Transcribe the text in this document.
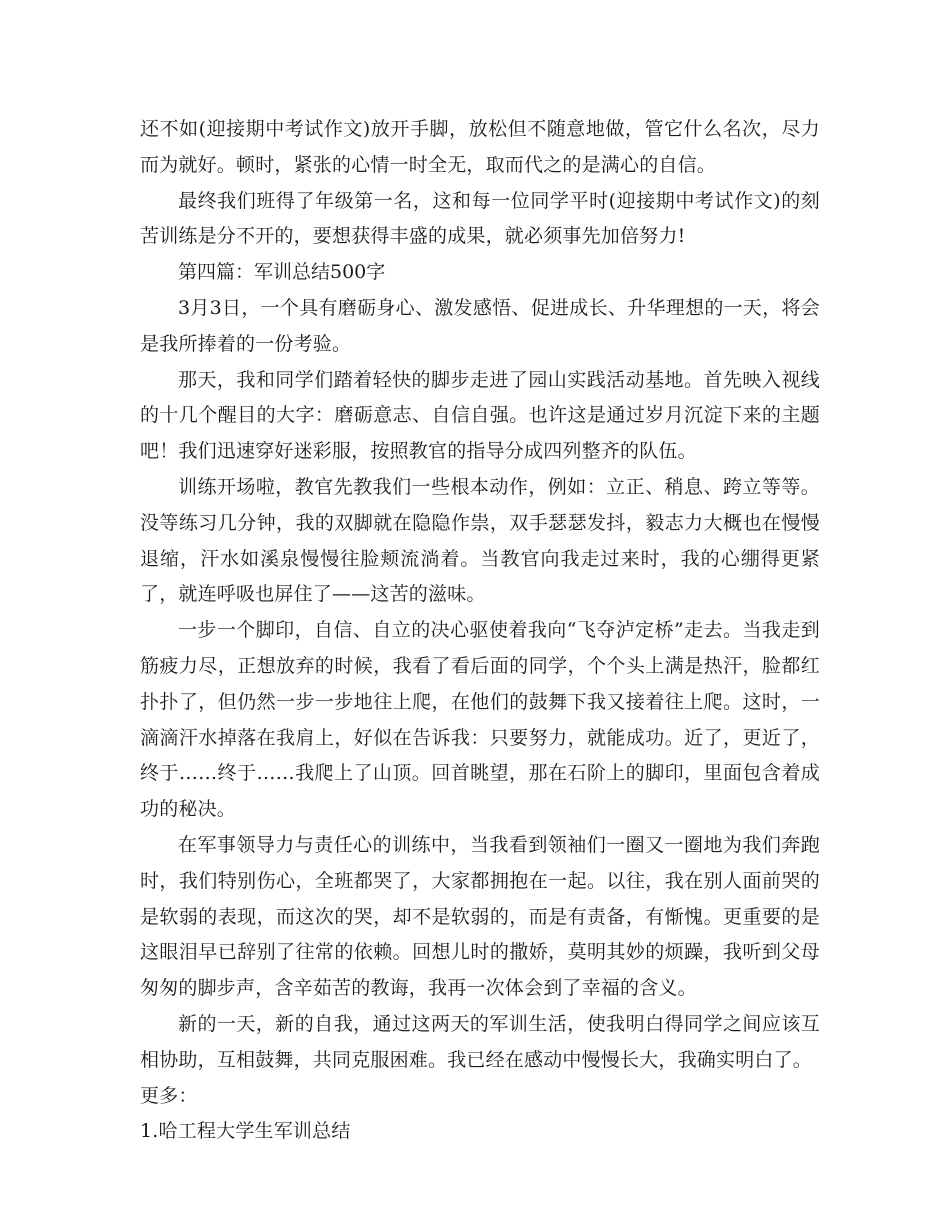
还不如(迎接期中考试作文)放开手脚，放松但不随意地做，管它什么名次，尽力而为就好。顿时，紧张的心情一时全无，取而代之的是满心的自信。

最终我们班得了年级第一名，这和每一位同学平时(迎接期中考试作文)的刻苦训练是分不开的，要想获得丰盛的成果，就必须事先加倍努力!

第四篇：军训总结500字

3月3日，一个具有磨砺身心、激发感悟、促进成长、升华理想的一天，将会是我所捧着的一份考验。

那天，我和同学们踏着轻快的脚步走进了园山实践活动基地。首先映入视线的十几个醒目的大字：磨砺意志、自信自强。也许这是通过岁月沉淀下来的主题吧！我们迅速穿好迷彩服，按照教官的指导分成四列整齐的队伍。

训练开场啦，教官先教我们一些根本动作，例如：立正、稍息、跨立等等。没等练习几分钟，我的双脚就在隐隐作祟，双手瑟瑟发抖，毅志力大概也在慢慢退缩，汗水如溪泉慢慢往脸颊流淌着。当教官向我走过来时，我的心绷得更紧了，就连呼吸也屏住了——这苦的滋味。

一步一个脚印，自信、自立的决心驱使着我向“飞夺泸定桥”走去。当我走到筋疲力尽，正想放弃的时候，我看了看后面的同学，个个头上满是热汗，脸都红扑扑了，但仍然一步一步地往上爬，在他们的鼓舞下我又接着往上爬。这时，一滴滴汗水掉落在我肩上，好似在告诉我：只要努力，就能成功。近了，更近了，终于……终于……我爬上了山顶。回首眺望，那在石阶上的脚印，里面包含着成功的秘决。

在军事领导力与责任心的训练中，当我看到领袖们一圈又一圈地为我们奔跑时，我们特别伤心，全班都哭了，大家都拥抱在一起。以往，我在别人面前哭的是软弱的表现，而这次的哭，却不是软弱的，而是有责备，有惭愧。更重要的是这眼泪早已辞别了往常的依赖。回想儿时的撒娇，莫明其妙的烦躁，我听到父母匆匆的脚步声，含辛茹苦的教诲，我再一次体会到了幸福的含义。

新的一天，新的自我，通过这两天的军训生活，使我明白得同学之间应该互相协助，互相鼓舞，共同克服困难。我已经在感动中慢慢长大，我确实明白了。

更多：

1.哈工程大学生军训总结
